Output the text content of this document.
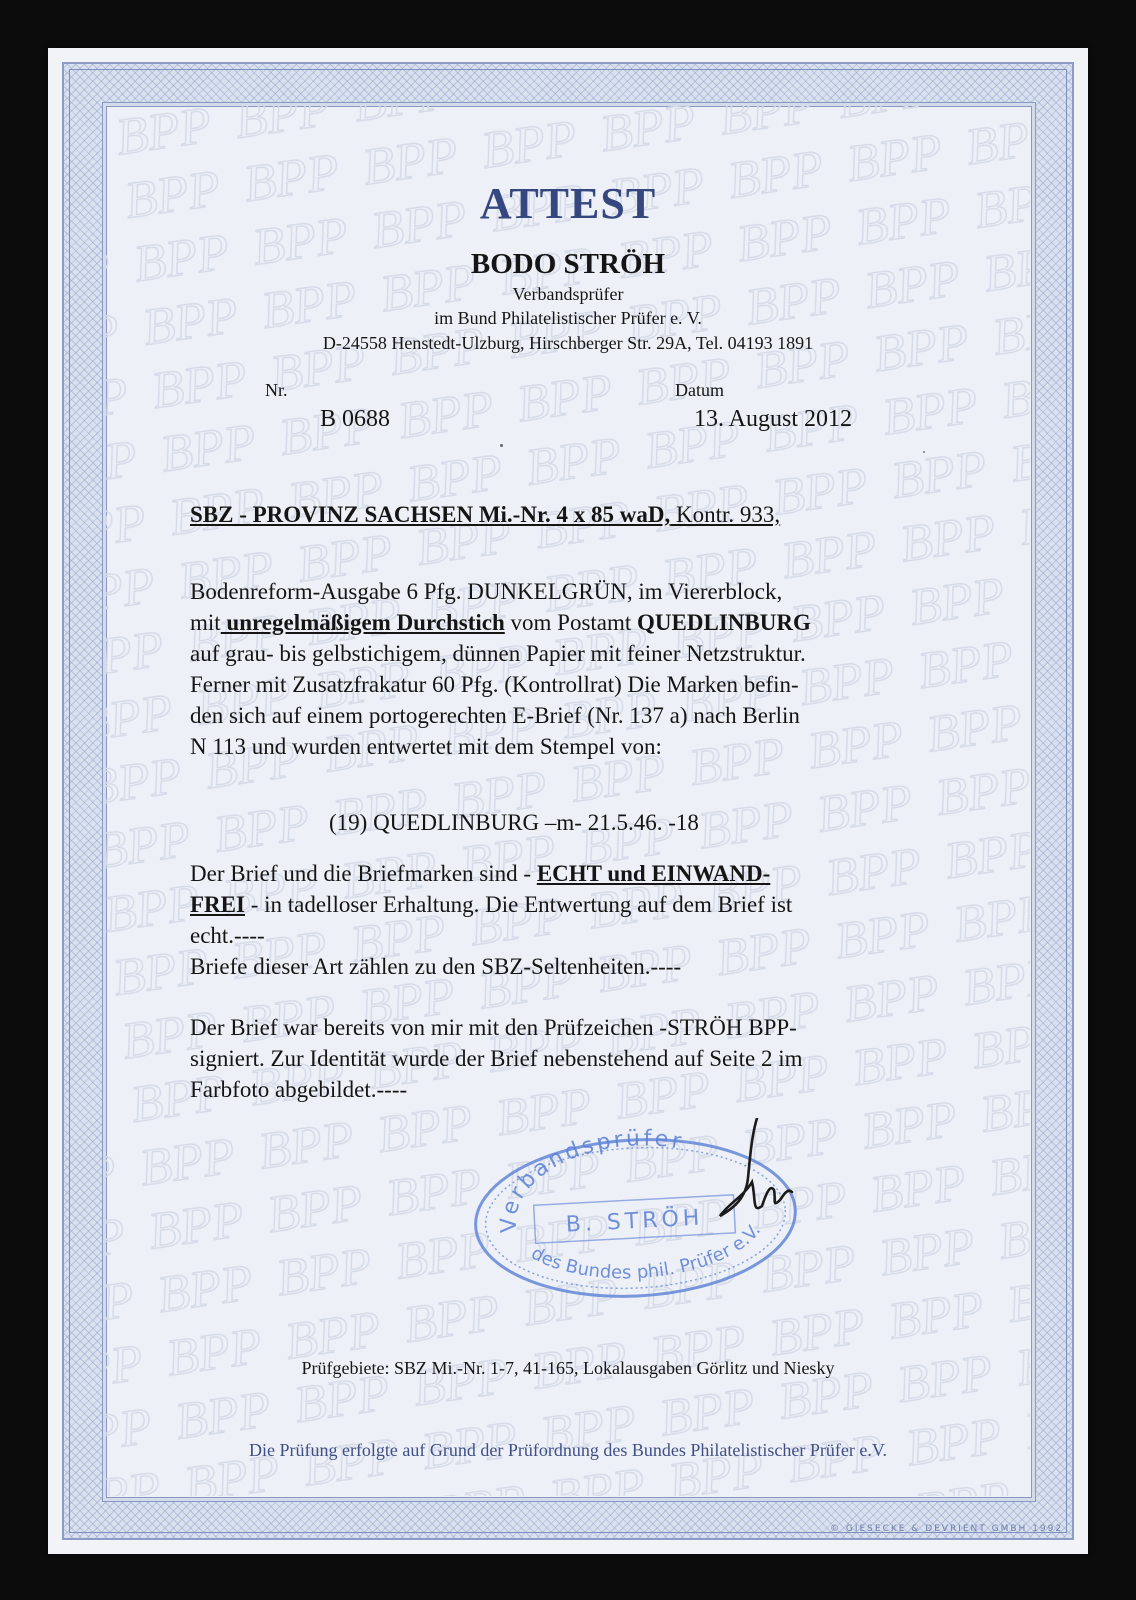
ATTEST
BODO STRÖH
Verbandsprüfer
im Bund Philatelistischer Prüfer e. V.
D-24558 Henstedt-Ulzburg, Hirschberger Str. 29A, Tel. 04193 1891
Nr.
B 0688
Datum
13. August 2012
SBZ - PROVINZ SACHSEN Mi.-Nr. 4 x 85 waD, Kontr. 933,
Bodenreform-Ausgabe 6 Pfg. DUNKELGRÜN, im Viererblock,
mit unregelmäßigem Durchstich vom Postamt QUEDLINBURG
auf grau- bis gelbstichigem, dünnen Papier mit feiner Netzstruktur.
Ferner mit Zusatzfrakatur 60 Pfg. (Kontrollrat) Die Marken befin-
den sich auf einem portogerechten E-Brief (Nr. 137 a) nach Berlin
N 113 und wurden entwertet mit dem Stempel von:
(19) QUEDLINBURG –m- 21.5.46. -18
Der Brief und die Briefmarken sind - ECHT und EINWAND-
FREI - in tadelloser Erhaltung. Die Entwertung auf dem Brief ist
echt.----
Briefe dieser Art zählen zu den SBZ-Seltenheiten.----
Der Brief war bereits von mir mit den Prüfzeichen -STRÖH BPP-
signiert. Zur Identität wurde der Brief nebenstehend auf Seite 2 im
Farbfoto abgebildet.----
Verbandsprüfer
B. STRÖH
des Bundes phil. Prüfer e.V.
Prüfgebiete: SBZ Mi.-Nr. 1-7, 41-165, Lokalausgaben Görlitz und Niesky
Die Prüfung erfolgte auf Grund der Prüfordnung des Bundes Philatelistischer Prüfer e.V.
© GIESECKE & DEVRIENT GMBH 1992
